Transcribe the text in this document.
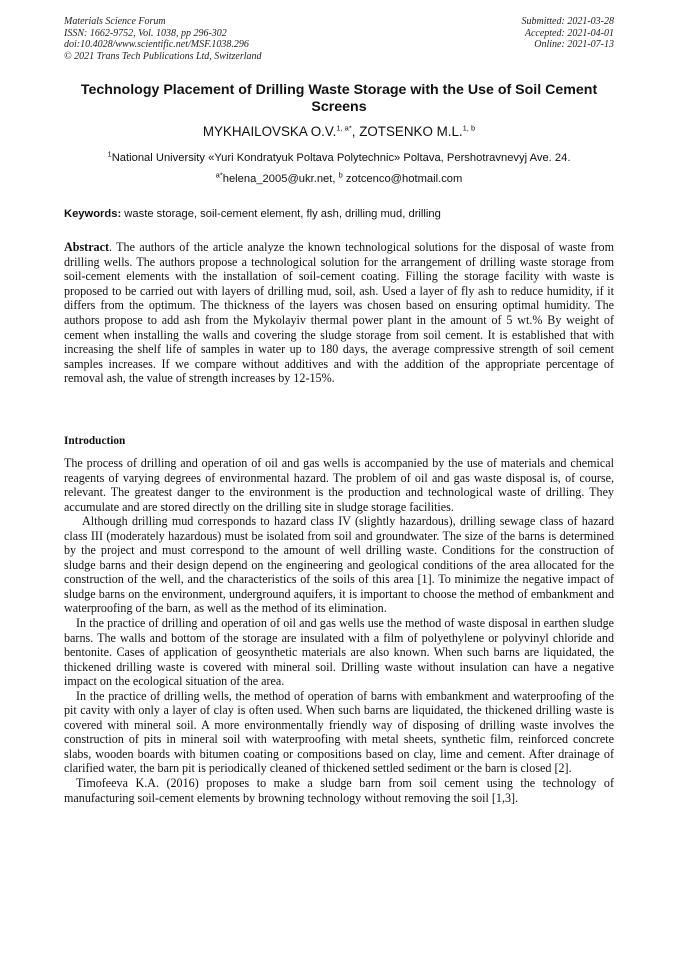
Materials Science Forum
ISSN: 1662-9752, Vol. 1038, pp 296-302
doi:10.4028/www.scientific.net/MSF.1038.296
© 2021 Trans Tech Publications Ltd, Switzerland
Submitted: 2021-03-28
Accepted: 2021-04-01
Online: 2021-07-13
Technology Placement of Drilling Waste Storage with the Use of Soil Cement Screens
MYKHAILOVSKA O.V.$^{1, a*}$, ZOTSENKO M.L.$^{1, b}$
$^1$National University «Yuri Kondratyuk Poltava Polytechnic» Poltava, Pershotravnevyj Ave. 24.
$^{a*}$helena_2005@ukr.net, $^b$ zotcenco@hotmail.com
Keywords: waste storage, soil-cement element, fly ash, drilling mud, drilling

Abstract. The authors of the article analyze the known technological solutions for the disposal of waste from drilling wells. The authors propose a technological solution for the arrangement of drilling waste storage from soil-cement elements with the installation of soil-cement coating. Filling the storage facility with waste is proposed to be carried out with layers of drilling mud, soil, ash. Used a layer of fly ash to reduce humidity, if it differs from the optimum. The thickness of the layers was chosen based on ensuring optimal humidity. The authors propose to add ash from the Mykolayiv thermal power plant in the amount of 5 wt.% By weight of cement when installing the walls and covering the sludge storage from soil cement. It is established that with increasing the shelf life of samples in water up to 180 days, the average compressive strength of soil cement samples increases. If we compare without additives and with the addition of the appropriate percentage of removal ash, the value of strength increases by 12-15%.

Introduction

The process of drilling and operation of oil and gas wells is accompanied by the use of materials and chemical reagents of varying degrees of environmental hazard. The problem of oil and gas waste disposal is, of course, relevant. The greatest danger to the environment is the production and technological waste of drilling. They accumulate and are stored directly on the drilling site in sludge storage facilities.

Although drilling mud corresponds to hazard class IV (slightly hazardous), drilling sewage class of hazard class III (moderately hazardous) must be isolated from soil and groundwater. The size of the barns is determined by the project and must correspond to the amount of well drilling waste. Conditions for the construction of sludge barns and their design depend on the engineering and geological conditions of the area allocated for the construction of the well, and the characteristics of the soils of this area [1]. To minimize the negative impact of sludge barns on the environment, underground aquifers, it is important to choose the method of embankment and waterproofing of the barn, as well as the method of its elimination.

In the practice of drilling and operation of oil and gas wells use the method of waste disposal in earthen sludge barns. The walls and bottom of the storage are insulated with a film of polyethylene or polyvinyl chloride and bentonite. Cases of application of geosynthetic materials are also known. When such barns are liquidated, the thickened drilling waste is covered with mineral soil. Drilling waste without insulation can have a negative impact on the ecological situation of the area.

In the practice of drilling wells, the method of operation of barns with embankment and waterproofing of the pit cavity with only a layer of clay is often used. When such barns are liquidated, the thickened drilling waste is covered with mineral soil. A more environmentally friendly way of disposing of drilling waste involves the construction of pits in mineral soil with waterproofing with metal sheets, synthetic film, reinforced concrete slabs, wooden boards with bitumen coating or compositions based on clay, lime and cement. After drainage of clarified water, the barn pit is periodically cleaned of thickened settled sediment or the barn is closed [2].

Timofeeva K.A. (2016) proposes to make a sludge barn from soil cement using the technology of manufacturing soil-cement elements by browning technology without removing the soil [1,3].
